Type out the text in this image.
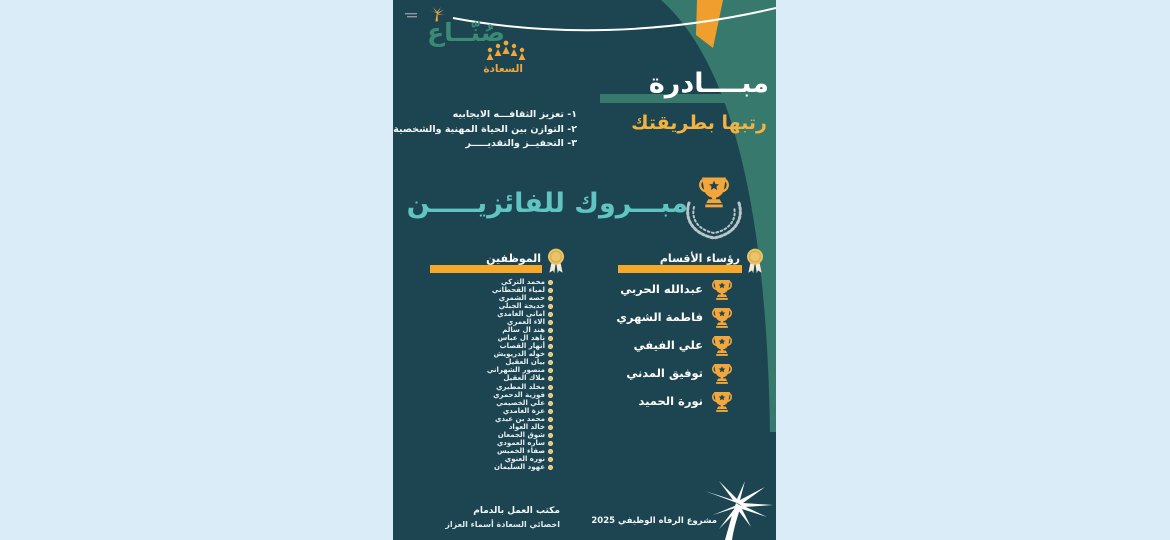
صُنّــاع
السعادة	مبــــادرة
رتبها بطريقتك
١- تعزيز الثقافـــه الايجابيه
٢- التوازن بين الحياة المهنية والشخصية
٣- التحفيــز والتقديـــــر
مبـــروك للفائزيـــــن
رؤساء الأقسام
الموظفين
عبدالله الحربي
فاطمة الشهري
علي الفيفي
توفيق المدني
نورة الحميد
محمد التركي
لمياء القحطاني
حصه الشمري
خديجة الجبلي
اماني الغامدي
الاء العمري
هند ال سالم
ناهد ال عباس
أنهار القصاب
خوله الدريويش
بيان العقيل
منصور الشهراني
ملاك العقيل
مخلد المطيري
فوزية الدحمري
علي الخصيمي
عزة الغامدي
محمد بن عيدي
خالد العواد
شوق الجمعان
ساره العمودي
صفاء الخميس
نوره العنوي
عهود السليمان
مكتب العمل بالدمام
اخصائي السعادة أسماء العزاز	مشروع الرفاه الوظيفي 2025
